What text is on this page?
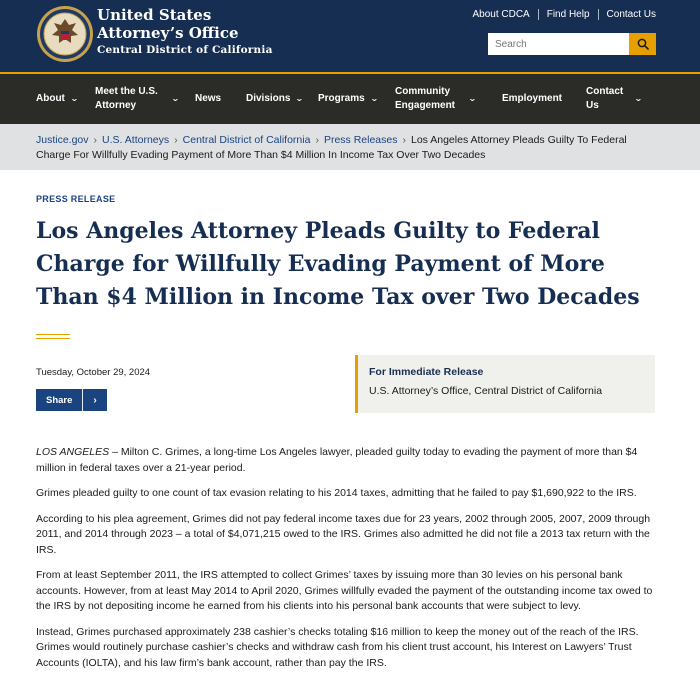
United States
Attorney’s Office
Central District of California
About CDCA Find Help Contact Us
Search
About ⌄
Meet the U.S.
Attorney
⌄ News Divisions ⌄ Programs ⌄
Community
Engagement
⌄	Employment
Contact
Us
⌄
Justice.gov › U.S. Attorneys › Central District of California › Press Releases › Los Angeles Attorney Pleads Guilty To Federal Charge For Willfully Evading Payment of More Than $4 Million In Income Tax Over Two Decades
PRESS RELEASE
Los Angeles Attorney Pleads Guilty to Federal Charge for Willfully Evading Payment of More Than $4 Million in Income Tax over Two Decades
Tuesday, October 29, 2024
Share	›
For Immediate Release
U.S. Attorney’s Office, Central District of California

LOS ANGELES – Milton C. Grimes, a long-time Los Angeles lawyer, pleaded guilty today to evading the payment of more than $4 million in federal taxes over a 21-year period.

Grimes pleaded guilty to one count of tax evasion relating to his 2014 taxes, admitting that he failed to pay $1,690,922 to the IRS.

According to his plea agreement, Grimes did not pay federal income taxes due for 23 years, 2002 through 2005, 2007, 2009 through 2011, and 2014 through 2023 – a total of $4,071,215 owed to the IRS. Grimes also admitted he did not file a 2013 tax return with the IRS.

From at least September 2011, the IRS attempted to collect Grimes’ taxes by issuing more than 30 levies on his personal bank accounts. However, from at least May 2014 to April 2020, Grimes willfully evaded the payment of the outstanding income tax owed to the IRS by not depositing income he earned from his clients into his personal bank accounts that were subject to levy.

Instead, Grimes purchased approximately 238 cashier’s checks totaling $16 million to keep the money out of the reach of the IRS. Grimes would routinely purchase cashier’s checks and withdraw cash from his client trust account, his Interest on Lawyers’ Trust Accounts (IOLTA), and his law firm’s bank account, rather than pay the IRS.
